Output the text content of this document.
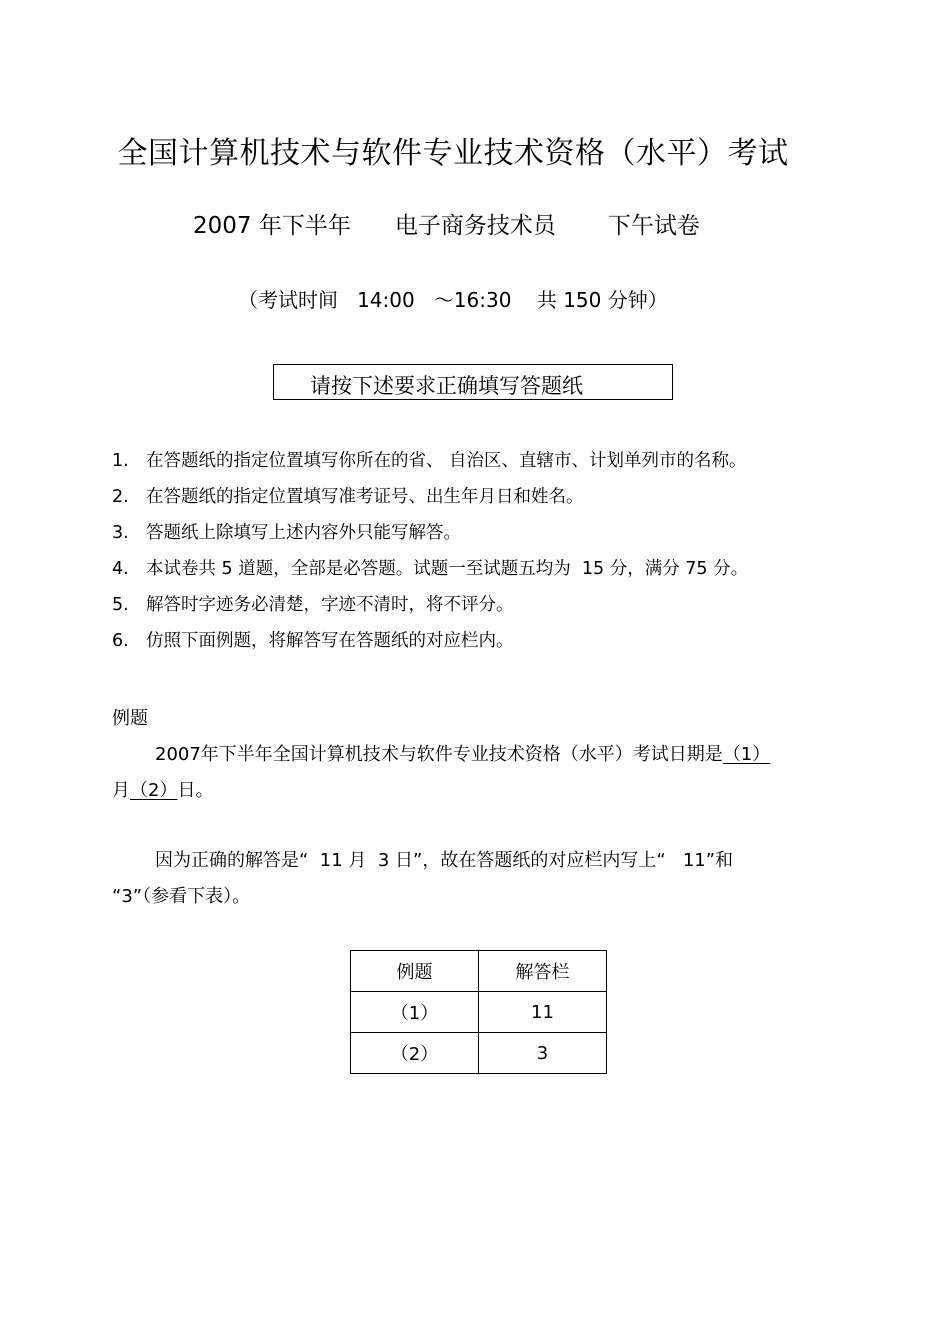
全国计算机技术与软件专业技术资格（水平）考试
2007 年下半年 电子商务技术员 下午试卷
（考试时间   14:00   ～16:30    共 150 分钟）
请按下述要求正确填写答题纸
1. 在答题纸的指定位置填写你所在的省、 自治区、直辖市、计划单列市的名称。
2. 在答题纸的指定位置填写准考证号、出生年月日和姓名。
3. 答题纸上除填写上述内容外只能写解答。
4. 本试卷共 5 道题，全部是必答题。试题一至试题五均为  15 分，满分 75 分。
5. 解答时字迹务必清楚，字迹不清时，将不评分。
6. 仿照下面例题，将解答写在答题纸的对应栏内。
例题
2007年下半年全国计算机技术与软件专业技术资格（水平）考试日期是（1）
月（2）日。
因为正确的解答是“  11 月  3 日”，故在答题纸的对应栏内写上“   11”和
“3”（参看下表）。
例题	解答栏
（1）	11
（2）	3
